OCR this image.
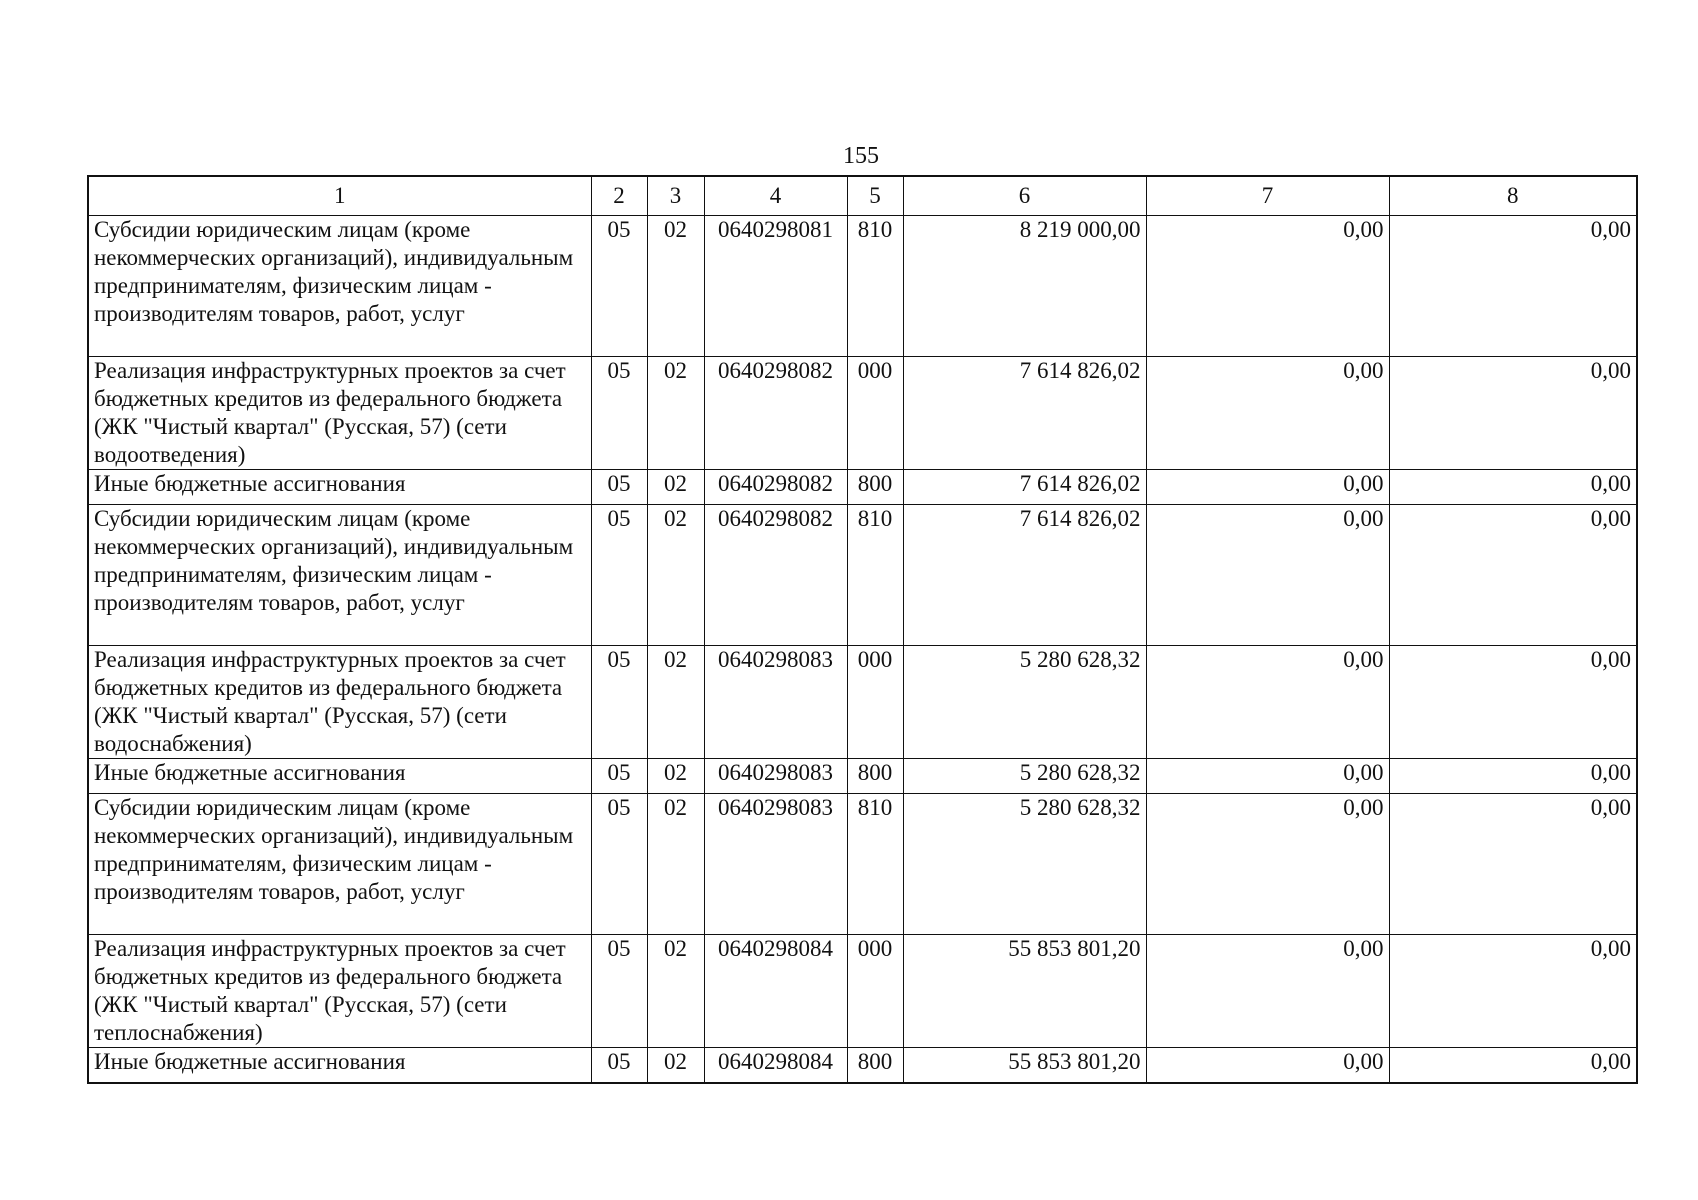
155
1	2	3	4	5	6	7	8
Субсидии юридическим лицам (кроме некоммерческих организаций), индивидуальным предпринимателям, физическим лицам - производителям товаров, работ, услуг	05	02	0640298081	810	8 219 000,00	0,00	0,00
Реализация инфраструктурных проектов за счет бюджетных кредитов из федерального бюджета (ЖК "Чистый квартал" (Русская, 57) (сети водоотведения)	05	02	0640298082	000	7 614 826,02	0,00	0,00
Иные бюджетные ассигнования	05	02	0640298082	800	7 614 826,02	0,00	0,00
Субсидии юридическим лицам (кроме некоммерческих организаций), индивидуальным предпринимателям, физическим лицам - производителям товаров, работ, услуг	05	02	0640298082	810	7 614 826,02	0,00	0,00
Реализация инфраструктурных проектов за счет бюджетных кредитов из федерального бюджета (ЖК "Чистый квартал" (Русская, 57) (сети водоснабжения)	05	02	0640298083	000	5 280 628,32	0,00	0,00
Иные бюджетные ассигнования	05	02	0640298083	800	5 280 628,32	0,00	0,00
Субсидии юридическим лицам (кроме некоммерческих организаций), индивидуальным предпринимателям, физическим лицам - производителям товаров, работ, услуг	05	02	0640298083	810	5 280 628,32	0,00	0,00
Реализация инфраструктурных проектов за счет бюджетных кредитов из федерального бюджета (ЖК "Чистый квартал" (Русская, 57) (сети теплоснабжения)	05	02	0640298084	000	55 853 801,20	0,00	0,00
Иные бюджетные ассигнования	05	02	0640298084	800	55 853 801,20	0,00	0,00
